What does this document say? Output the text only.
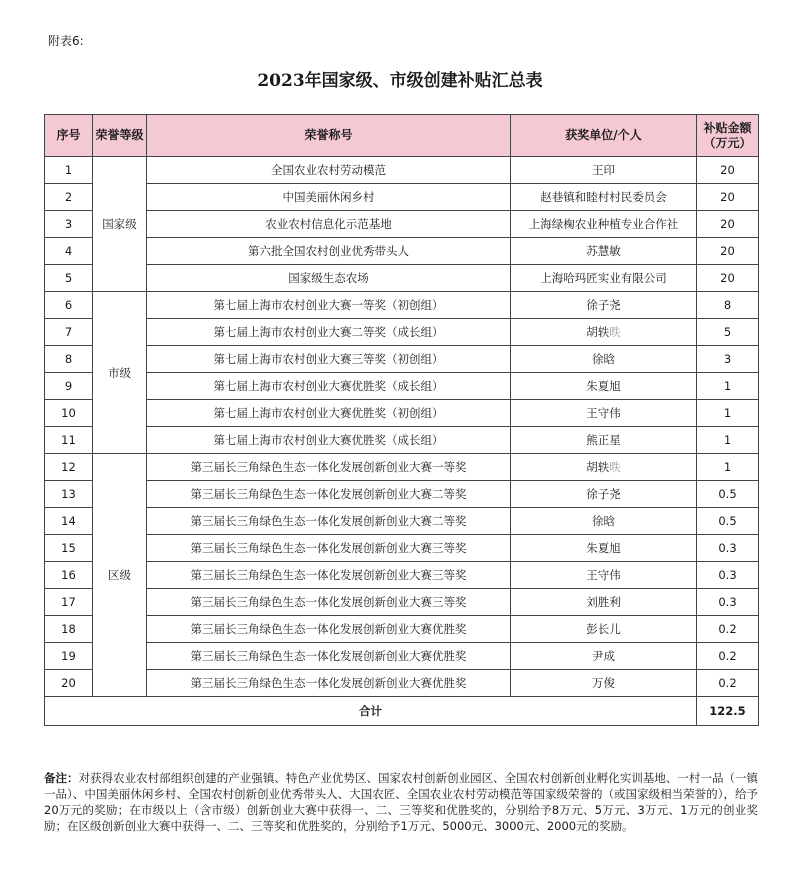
附表6:
2023年国家级、市级创建补贴汇总表
序号	荣誉等级	荣誉称号	获奖单位/个人	补贴金额（万元）
1	国家级	全国农业农村劳动模范	王印	20
2		中国美丽休闲乡村	赵巷镇和睦村村民委员会	20
3		农业农村信息化示范基地	上海绿椈农业种植专业合作社	20
4		第六批全国农村创业优秀带头人	苏慧敏	20
5		国家级生态农场	上海哈玛匠实业有限公司	20
6	市级	第七届上海市农村创业大赛一等奖（初创组）	徐子尧	8
7		第七届上海市农村创业大赛二等奖（成长组）	胡轶昳	5
8		第七届上海市农村创业大赛三等奖（初创组）	徐晗	3
9		第七届上海市农村创业大赛优胜奖（成长组）	朱夏旭	1
10		第七届上海市农村创业大赛优胜奖（初创组）	王守伟	1
11		第七届上海市农村创业大赛优胜奖（成长组）	熊正星	1
12	区级	第三届长三角绿色生态一体化发展创新创业大赛一等奖	胡轶昳	1
13		第三届长三角绿色生态一体化发展创新创业大赛二等奖	徐子尧	0.5
14		第三届长三角绿色生态一体化发展创新创业大赛二等奖	徐晗	0.5
15		第三届长三角绿色生态一体化发展创新创业大赛三等奖	朱夏旭	0.3
16		第三届长三角绿色生态一体化发展创新创业大赛三等奖	王守伟	0.3
17		第三届长三角绿色生态一体化发展创新创业大赛三等奖	刘胜利	0.3
18		第三届长三角绿色生态一体化发展创新创业大赛优胜奖	彭长儿	0.2
19		第三届长三角绿色生态一体化发展创新创业大赛优胜奖	尹成	0.2
20		第三届长三角绿色生态一体化发展创新创业大赛优胜奖	万俊	0.2
合计				122.5
备注：对获得农业农村部组织创建的产业强镇、特色产业优势区、国家农村创新创业园区、全国农村创新创业孵化实训基地、一村一品（一镇一品）、中国美丽休闲乡村、全国农村创新创业优秀带头人、大国农匠、全国农业农村劳动模范等国家级荣誉的（或国家级相当荣誉的），给予20万元的奖励；在市级以上（含市级）创新创业大赛中获得一、二、三等奖和优胜奖的，分别给予8万元、5万元、3万元、1万元的创业奖励；在区级创新创业大赛中获得一、二、三等奖和优胜奖的，分别给予1万元、5000元、3000元、2000元的奖励。
